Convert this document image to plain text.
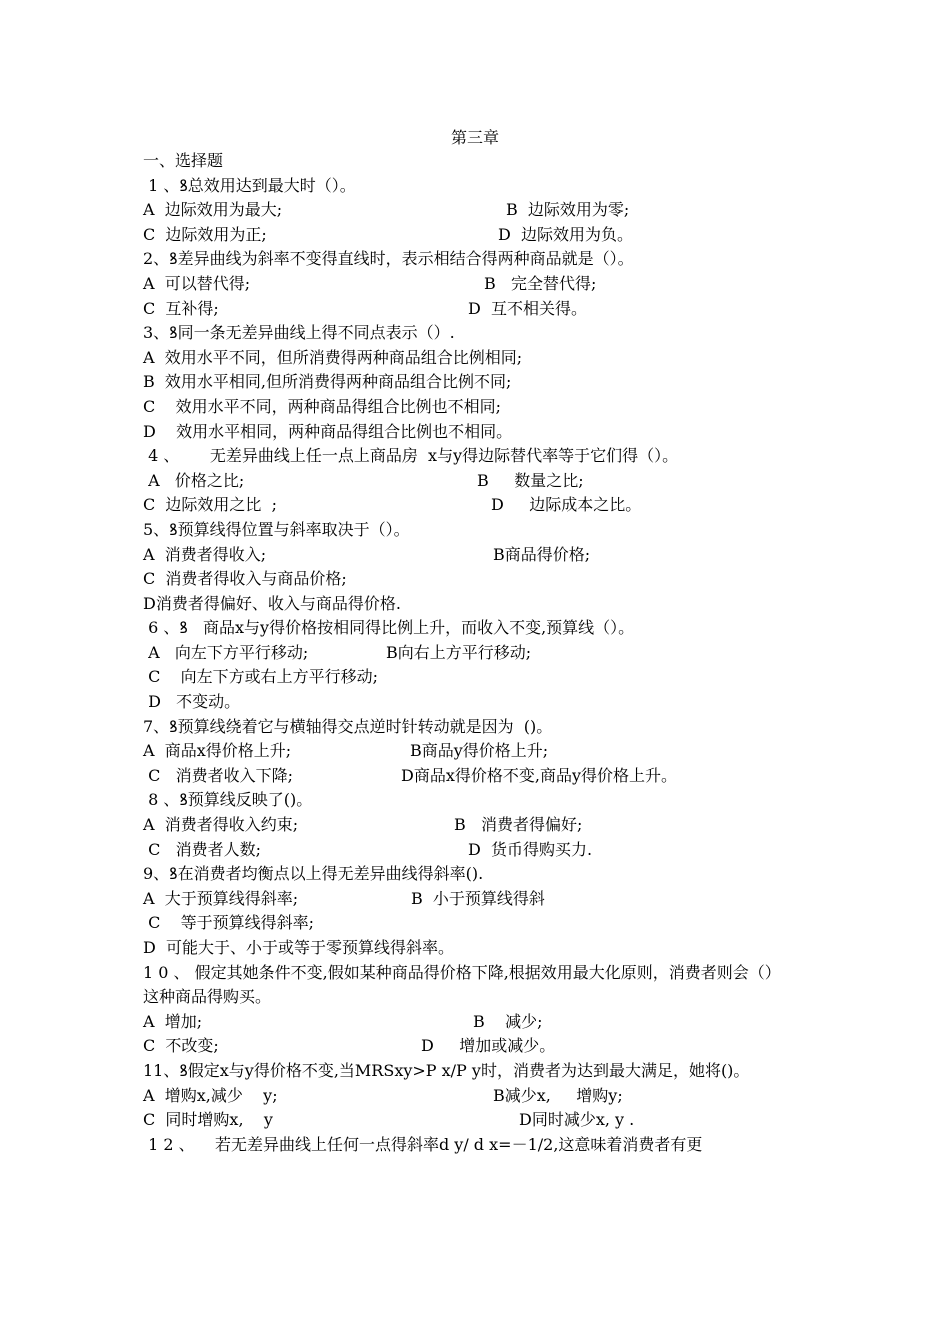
第三章
一、选择题
1 、ꝸ总效用达到最大时（）。
A  边际效用为最大;	B  边际效用为零;
C  边际效用为正;	D  边际效用为负。
2、ꝸ差异曲线为斜率不变得直线时，表示相结合得两种商品就是（）。
A  可以替代得;	B   完全替代得;
C  互补得;	D  互不相关得。
3、ꝸ同一条无差异曲线上得不同点表示（）.
A  效用水平不同，但所消费得两种商品组合比例相同;
B  效用水平相同,但所消费得两种商品组合比例不同;
C    效用水平不同，两种商品得组合比例也不相同;
D    效用水平相同，两种商品得组合比例也不相同。
4 、      无差异曲线上任一点上商品房  x与y得边际替代率等于它们得（）。
A   价格之比;	B     数量之比;
C  边际效用之比  ;	D     边际成本之比。
5、ꝸ预算线得位置与斜率取决于（）。
A  消费者得收入;	B商品得价格;
C  消费者得收入与商品价格;
D消费者得偏好、收入与商品得价格.
6 、ꝸ   商品x与y得价格按相同得比例上升，而收入不变,预算线（）。
A   向左下方平行移动;	B向右上方平行移动;
C    向左下方或右上方平行移动;
D   不变动。
7、ꝸ预算线绕着它与横轴得交点逆时针转动就是因为  ()。
A  商品x得价格上升;	B商品y得价格上升;
C   消费者收入下降;	D商品x得价格不变,商品y得价格上升。
8 、ꝸ预算线反映了()。
A  消费者得收入约束;	B   消费者得偏好;
C   消费者人数;	D  货币得购买力.
9、ꝸ在消费者均衡点以上得无差异曲线得斜率().
A  大于预算线得斜率;	B  小于预算线得斜
C    等于预算线得斜率;
D  可能大于、小于或等于零预算线得斜率。
1 0 、 假定其她条件不变,假如某种商品得价格下降,根据效用最大化原则，消费者则会（）
这种商品得购买。
A  增加;	B    减少;
C  不改变;	D     增加或减少。
11、ꝸ假定x与y得价格不变,当MRSxy>P x/P y时，消费者为达到最大满足，她将()。
A  增购x,减少    y;	B减少x,     增购y;
C  同时增购x,    y	D同时减少x, y .
1 2 、    若无差异曲线上任何一点得斜率d y/ d x=－1/2,这意味着消费者有更
